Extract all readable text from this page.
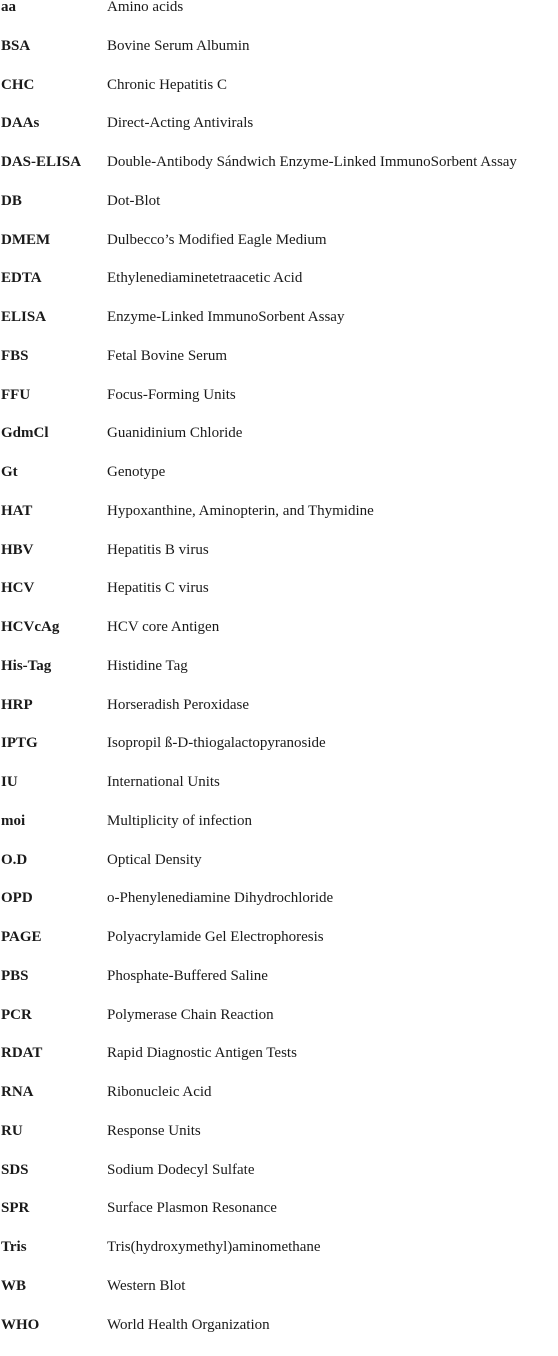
aa	Amino acids
BSA	Bovine Serum Albumin
CHC	Chronic Hepatitis C
DAAs	Direct-Acting Antivirals
DAS-ELISA Double-Antibody Sándwich Enzyme-Linked ImmunoSorbent Assay
DB	Dot-Blot
DMEM	Dulbecco’s Modified Eagle Medium
EDTA	Ethylenediaminetetraacetic Acid
ELISA	Enzyme-Linked ImmunoSorbent Assay
FBS	Fetal Bovine Serum
FFU	Focus-Forming Units
GdmCl	Guanidinium Chloride
Gt	Genotype
HAT	Hypoxanthine, Aminopterin, and Thymidine
HBV	Hepatitis B virus
HCV	Hepatitis C virus
HCVcAg	HCV core Antigen
His-Tag	Histidine Tag
HRP	Horseradish Peroxidase
IPTG	Isopropil ß-D-thiogalactopyranoside
IU	International Units
moi	Multiplicity of infection
O.D	Optical Density
OPD	o-Phenylenediamine Dihydrochloride
PAGE	Polyacrylamide Gel Electrophoresis
PBS	Phosphate-Buffered Saline
PCR	Polymerase Chain Reaction
RDAT	Rapid Diagnostic Antigen Tests
RNA	Ribonucleic Acid
RU	Response Units
SDS	Sodium Dodecyl Sulfate
SPR	Surface Plasmon Resonance
Tris	Tris(hydroxymethyl)aminomethane
WB	Western Blot
WHO	World Health Organization
